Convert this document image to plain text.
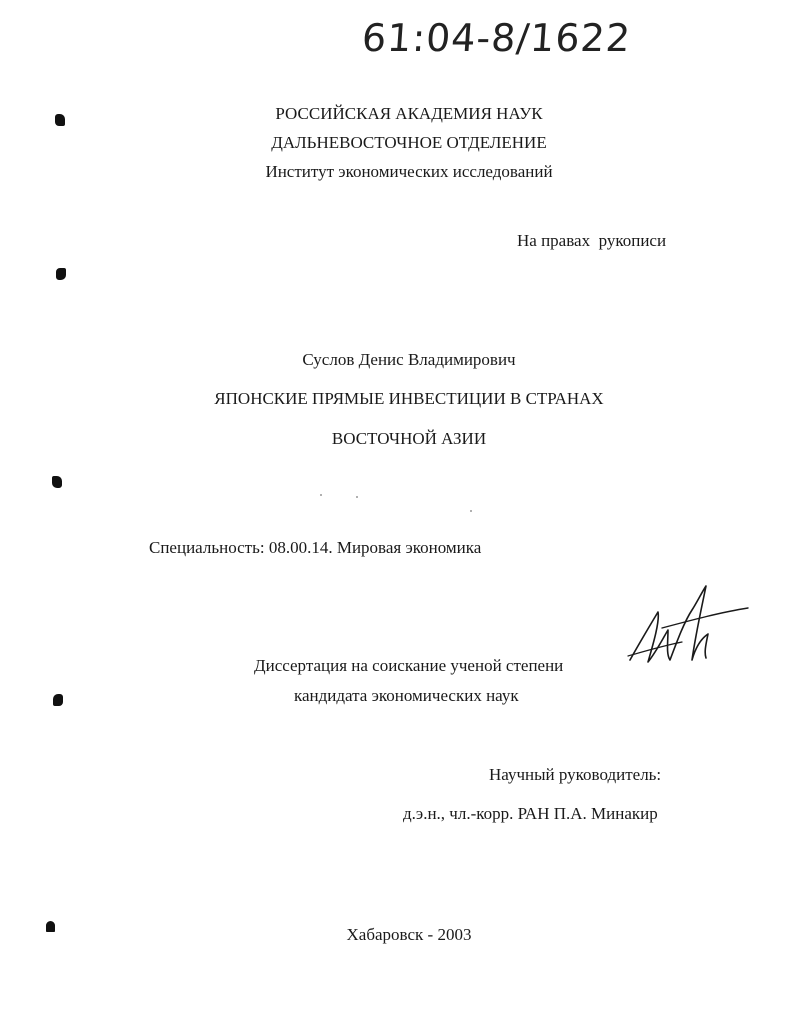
61:04-8/1622
РОССИЙСКАЯ АКАДЕМИЯ НАУК
ДАЛЬНЕВОСТОЧНОЕ ОТДЕЛЕНИЕ
Институт экономических исследований
На правах  рукописи
Суслов Денис Владимирович
ЯПОНСКИЕ ПРЯМЫЕ ИНВЕСТИЦИИ В СТРАНАХ
ВОСТОЧНОЙ АЗИИ
Специальность: 08.00.14. Мировая экономика
Диссертация на соискание ученой степени
кандидата экономических наук
Научный руководитель:
д.э.н., чл.-корр. РАН П.А. Минакир
Хабаровск - 2003
